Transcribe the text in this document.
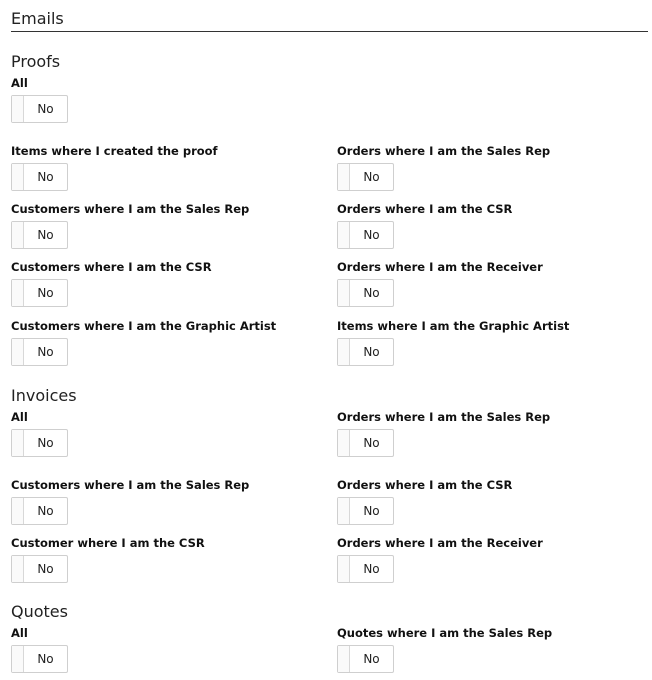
Emails
Proofs
All
No
Items where I created the proof
No
Orders where I am the Sales Rep
No
Customers where I am the Sales Rep
No
Orders where I am the CSR
No
Customers where I am the CSR
No
Orders where I am the Receiver
No
Customers where I am the Graphic Artist
No
Items where I am the Graphic Artist
No
Invoices
All
No
Orders where I am the Sales Rep
No
Customers where I am the Sales Rep
No
Orders where I am the CSR
No
Customer where I am the CSR
No
Orders where I am the Receiver
No
Quotes
All
No
Quotes where I am the Sales Rep
No
